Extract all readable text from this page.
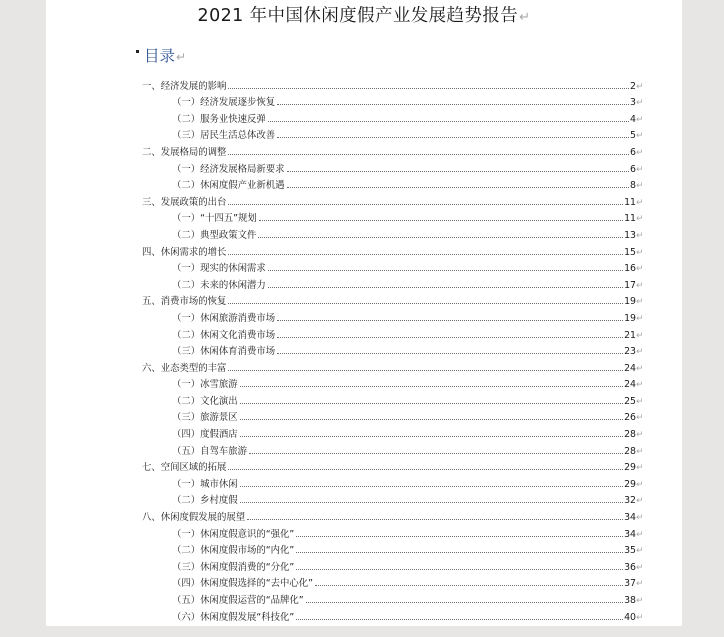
2021 年中国休闲度假产业发展趋势报告↵
目录↵
一、经济发展的影响	2 ↵
（一）经济发展逐步恢复	3 ↵
（二）服务业快速反弹	4 ↵
（三）居民生活总体改善	5 ↵
二、发展格局的调整	6 ↵
（一）经济发展格局新要求	6 ↵
（二）休闲度假产业新机遇	8 ↵
三、发展政策的出台	11 ↵
（一）“十四五”规划	11 ↵
（二）典型政策文件	13 ↵
四、休闲需求的增长	15 ↵
（一）现实的休闲需求	16 ↵
（二）未来的休闲潜力	17 ↵
五、消费市场的恢复	19 ↵
（一）休闲旅游消费市场	19 ↵
（二）休闲文化消费市场	21 ↵
（三）休闲体育消费市场	23 ↵
六、业态类型的丰富	24 ↵
（一）冰雪旅游	24 ↵
（二）文化演出	25 ↵
（三）旅游景区	26 ↵
（四）度假酒店	28 ↵
（五）自驾车旅游	28 ↵
七、空间区域的拓展	29 ↵
（一）城市休闲	29 ↵
（二）乡村度假	32 ↵
八、休闲度假发展的展望	34 ↵
（一）休闲度假意识的“强化”	34 ↵
（二）休闲度假市场的“内化”	35 ↵
（三）休闲度假消费的“分化”	36 ↵
（四）休闲度假选择的“去中心化”	37 ↵
（五）休闲度假运营的“品牌化”	38 ↵
（六）休闲度假发展“科技化”	40 ↵
